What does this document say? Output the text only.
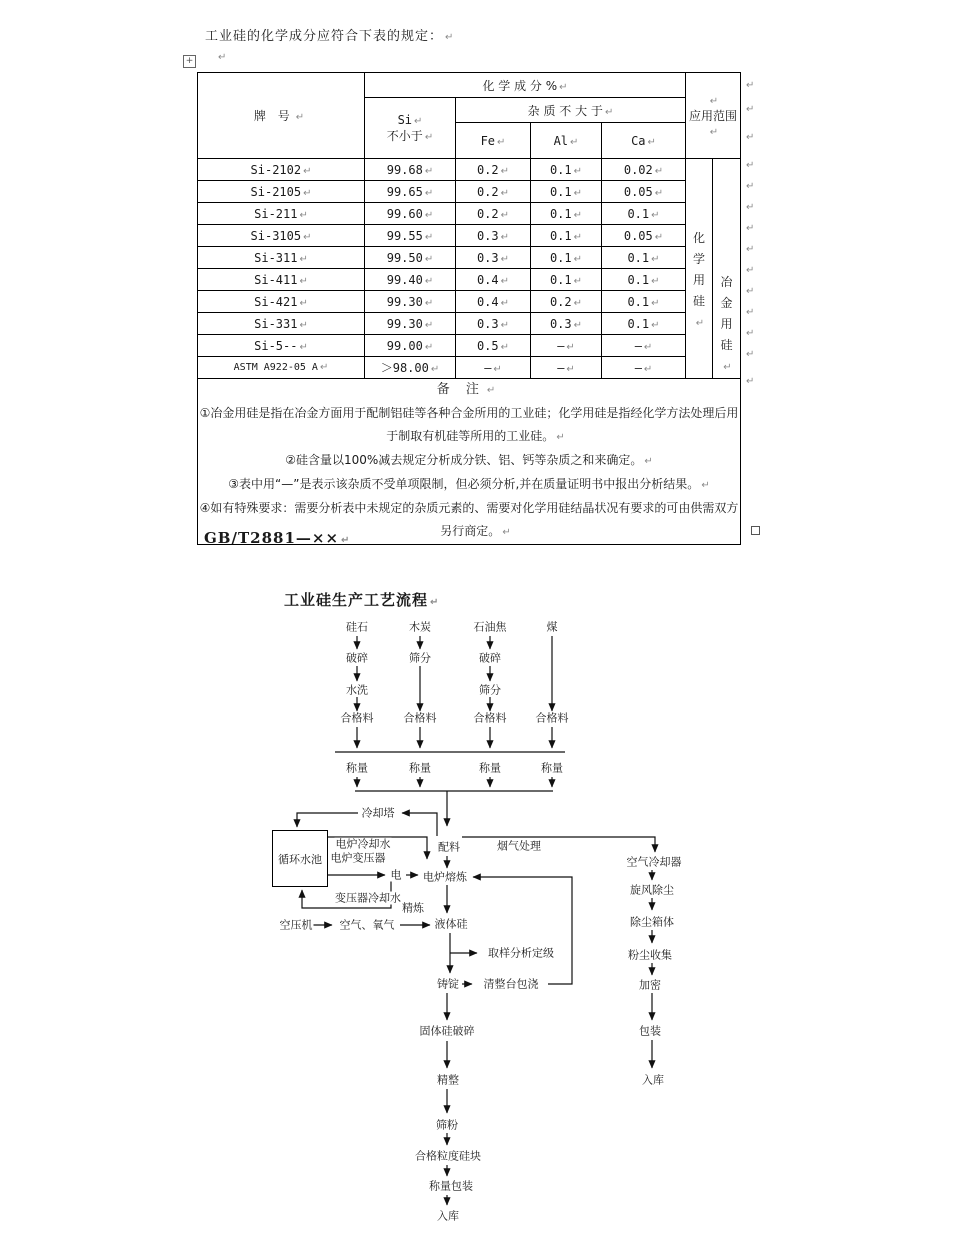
工业硅的化学成分应符合下表的规定： ↵
+ ↵
牌 号 ↵	化 学 成 分 % ↵				↵
应用范围↵	
	Si ↵
不小于 ↵	杂 质 不 大 于 ↵				
		Fe ↵	Al ↵	Ca ↵		
Si-2102 ↵	99.68 ↵	0.2 ↵	0.1 ↵	0.02 ↵	化学用硅↵	冶金用硅↵

Si-2105 ↵	99.65 ↵	0.2 ↵	0.1 ↵	0.05 ↵		
Si-211 ↵	99.60 ↵	0.2 ↵	0.1 ↵	0.1 ↵		
Si-3105 ↵	99.55 ↵	0.3 ↵	0.1 ↵	0.05 ↵		
Si-311 ↵	99.50 ↵	0.3 ↵	0.1 ↵	0.1 ↵		
Si-411 ↵	99.40 ↵	0.4 ↵	0.1 ↵	0.1 ↵		
Si-421 ↵	99.30 ↵	0.4 ↵	0.2 ↵	0.1 ↵		
Si-331 ↵	99.30 ↵	0.3 ↵	0.3 ↵	0.1 ↵		
Si-5-- ↵	99.00 ↵	0.5 ↵	— ↵	— ↵		
ASTM A922-05 A ↵	＞98.00 ↵	— ↵	— ↵	— ↵		

备 注 ↵
①冶金用硅是指在冶金方面用于配制铝硅等各种合金所用的工业硅；化学用硅是指经化学方法处理后用于制取有机硅等所用的工业硅。 ↵
②硅含量以100%减去规定分析成分铁、铝、钙等杂质之和来确定。 ↵
③表中用“—”是表示该杂质不受单项限制，但必须分析,并在质量证明书中报出分析结果。 ↵
④如有特殊要求：需要分析表中未规定的杂质元素的、需要对化学用硅结晶状况有要求的可由供需双方另行商定。 ↵						
↵
↵
↵
↵
↵
↵
↵
↵
↵
↵
↵
↵
↵
↵
GB/T2881—×× ↵
工业硅生产工艺流程 ↵
硅石	木炭	石油焦	煤
破碎	筛分	破碎
水洗	筛分
合格料	合格料	合格料	合格料
称量	称量	称量	称量
冷却塔
循环水池
电炉冷却水
电炉变压器
电
变压器冷却水
配料	烟气处理
电炉熔炼
空气冷却器
旋风除尘
除尘箱体
粉尘收集
加密
包装
入库
空压机 空气、氧气
精炼
液体硅
取样分析定级
铸锭 清整台包浇
固体硅破碎
精整
筛粉
合格粒度硅块
称量包装
入库
